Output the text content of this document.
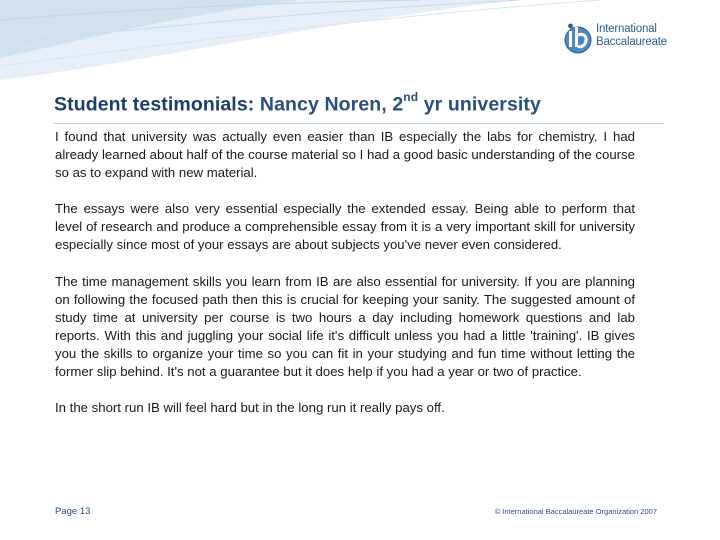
International
Baccalaureate
Student testimonials: Nancy Noren, 2nd yr university

I found that university was actually even easier than IB especially the labs for chemistry. I had already learned about half of the course material so I had a good basic understanding of the course so as to expand with new material.

The essays were also very essential especially the extended essay. Being able to perform that level of research and produce a comprehensible essay from it is a very important skill for university especially since most of your essays are about subjects you've never even considered.

The time management skills you learn from IB are also essential for university. If you are planning on following the focused path then this is crucial for keeping your sanity. The suggested amount of study time at university per course is two hours a day including homework questions and lab reports. With this and juggling your social life it's difficult unless you had a little 'training'. IB gives you the skills to organize your time so you can fit in your studying and fun time without letting the former slip behind. It's not a guarantee but it does help if you had a year or two of practice.

In the short run IB will feel hard but in the long run it really pays off.

Page 13	© International Baccalaureate Organization 2007
